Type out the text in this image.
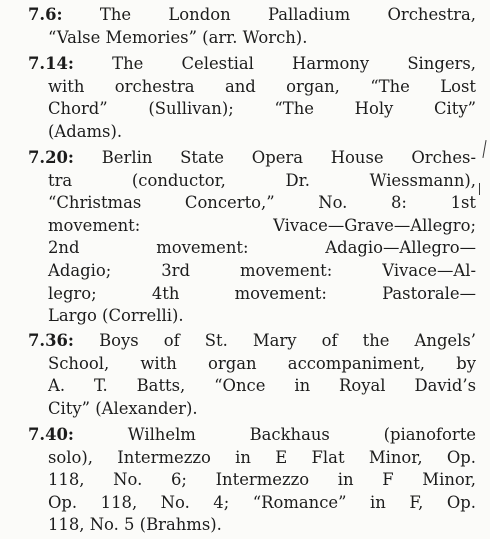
7.6: The London Palladium Orchestra,
“Valse Memories” (arr. Worch).
7.14: The Celestial Harmony Singers,
with orchestra and organ, “The Lost
Chord” (Sullivan); “The Holy City”
(Adams).
7.20: Berlin State Opera House Orches-
tra (conductor, Dr. Wiessmann),
“Christmas Concerto,” No. 8: 1st
movement: Vivace—Grave—Allegro;
2nd movement: Adagio—Allegro—
Adagio; 3rd movement: Vivace—Al-
legro; 4th movement: Pastorale—
Largo (Correlli).
7.36: Boys of St. Mary of the Angels’
School, with organ accompaniment, by
A. T. Batts, “Once in Royal David’s
City” (Alexander).
7.40:	Wilhelm Backhaus (pianoforte
solo), Intermezzo in E Flat Minor, Op.
118, No. 6; Intermezzo in F Minor,
Op. 118, No. 4; “Romance” in F, Op.
118, No. 5 (Brahms).
